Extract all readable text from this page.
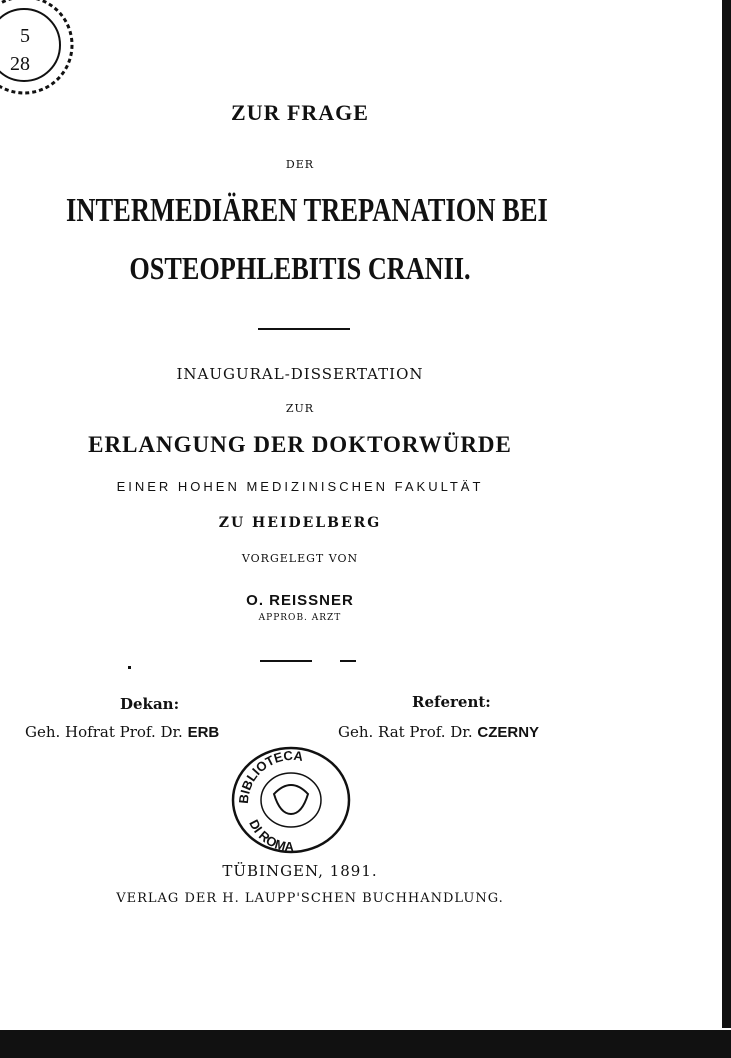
5
28
ZUR FRAGE
DER
INTERMEDIÄREN TREPANATION BEI
OSTEOPHLEBITIS CRANII.
INAUGURAL-DISSERTATION
ZUR
ERLANGUNG DER DOKTORWÜRDE
EINER HOHEN MEDIZINISCHEN FAKULTÄT
ZU HEIDELBERG
VORGELEGT VON
O. REISSNER
APPROB. ARZT
Dekan:	Referent:
Geh. Hofrat Prof. Dr. ERB	Geh. Rat Prof. Dr. CZERNY
BIBLIOTECA
DI ROMA
TÜBINGEN, 1891.
VERLAG DER H. LAUPP'SCHEN BUCHHANDLUNG.
